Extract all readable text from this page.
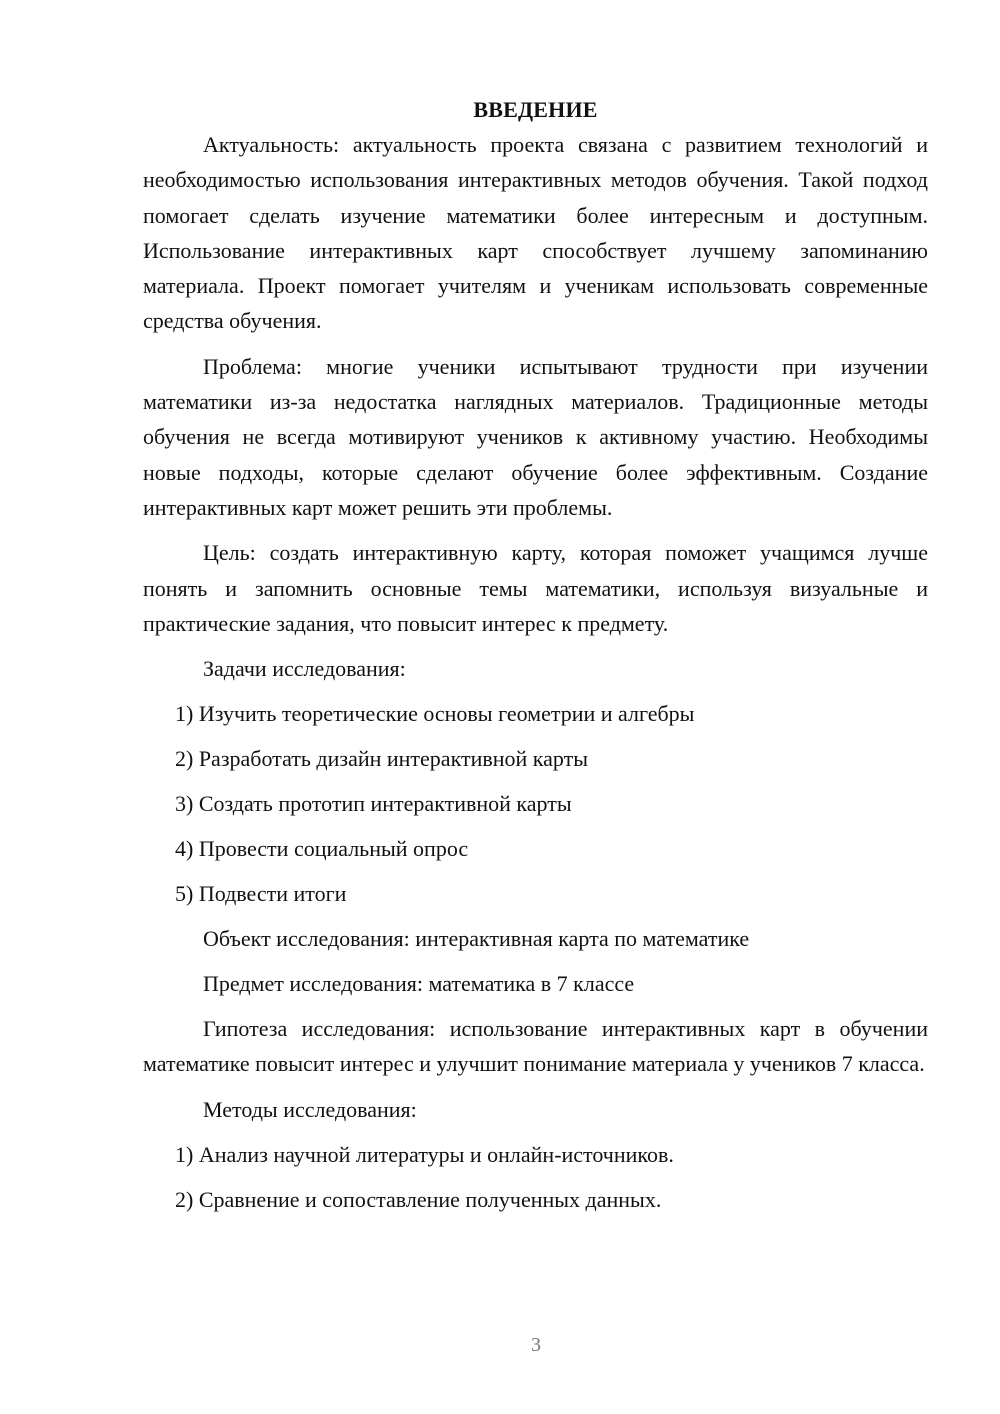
ВВЕДЕНИЕ

Актуальность: актуальность проекта связана с развитием технологий и необходимостью использования интерактивных методов обучения. Такой подход помогает сделать изучение математики более интересным и доступным. Использование интерактивных карт способствует лучшему запоминанию материала. Проект помогает учителям и ученикам использовать современные средства обучения.

Проблема: многие ученики испытывают трудности при изучении математики из-за недостатка наглядных материалов. Традиционные методы обучения не всегда мотивируют учеников к активному участию. Необходимы новые подходы, которые сделают обучение более эффективным. Создание интерактивных карт может решить эти проблемы.

Цель: создать интерактивную карту, которая поможет учащимся лучше понять и запомнить основные темы математики, используя визуальные и практические задания, что повысит интерес к предмету.

Задачи исследования:

1) Изучить теоретические основы геометрии и алгебры

2) Разработать дизайн интерактивной карты

3) Создать прототип интерактивной карты

4) Провести социальный опрос

5) Подвести итоги

Объект исследования: интерактивная карта по математике

Предмет исследования: математика в 7 классе

Гипотеза исследования: использование интерактивных карт в обучении математике повысит интерес и улучшит понимание материала у учеников 7 класса.

Методы исследования:

1) Анализ научной литературы и онлайн-источников.

2) Сравнение и сопоставление полученных данных.

3
